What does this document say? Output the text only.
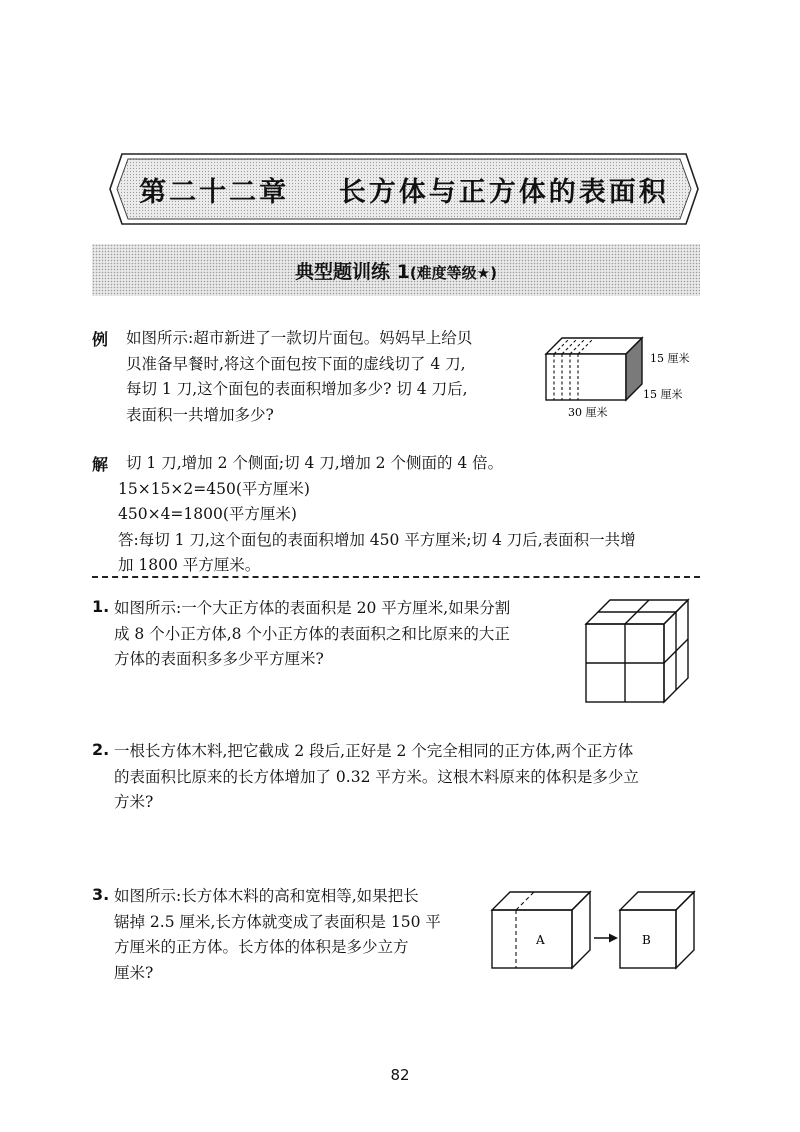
第二十二章    长方体与正方体的表面积
典型题训练 1(难度等级★)
例 如图所示:超市新进了一款切片面包。妈妈早上给贝
贝准备早餐时,将这个面包按下面的虚线切了 4 刀,
每切 1 刀,这个面包的表面积增加多少? 切 4 刀后,
表面积一共增加多少?
15 厘米
15 厘米
30 厘米
解 切 1 刀,增加 2 个侧面;切 4 刀,增加 2 个侧面的 4 倍。
15×15×2=450(平方厘米)
450×4=1800(平方厘米)
答:每切 1 刀,这个面包的表面积增加 450 平方厘米;切 4 刀后,表面积一共增
加 1800 平方厘米。
1. 如图所示:一个大正方体的表面积是 20 平方厘米,如果分割
成 8 个小正方体,8 个小正方体的表面积之和比原来的大正
方体的表面积多多少平方厘米?
2. 一根长方体木料,把它截成 2 段后,正好是 2 个完全相同的正方体,两个正方体
的表面积比原来的长方体增加了 0.32 平方米。这根木料原来的体积是多少立
方米?
3. 如图所示:长方体木料的高和宽相等,如果把长
锯掉 2.5 厘米,长方体就变成了表面积是 150 平
方厘米的正方体。长方体的体积是多少立方
厘米?
A	B
82
